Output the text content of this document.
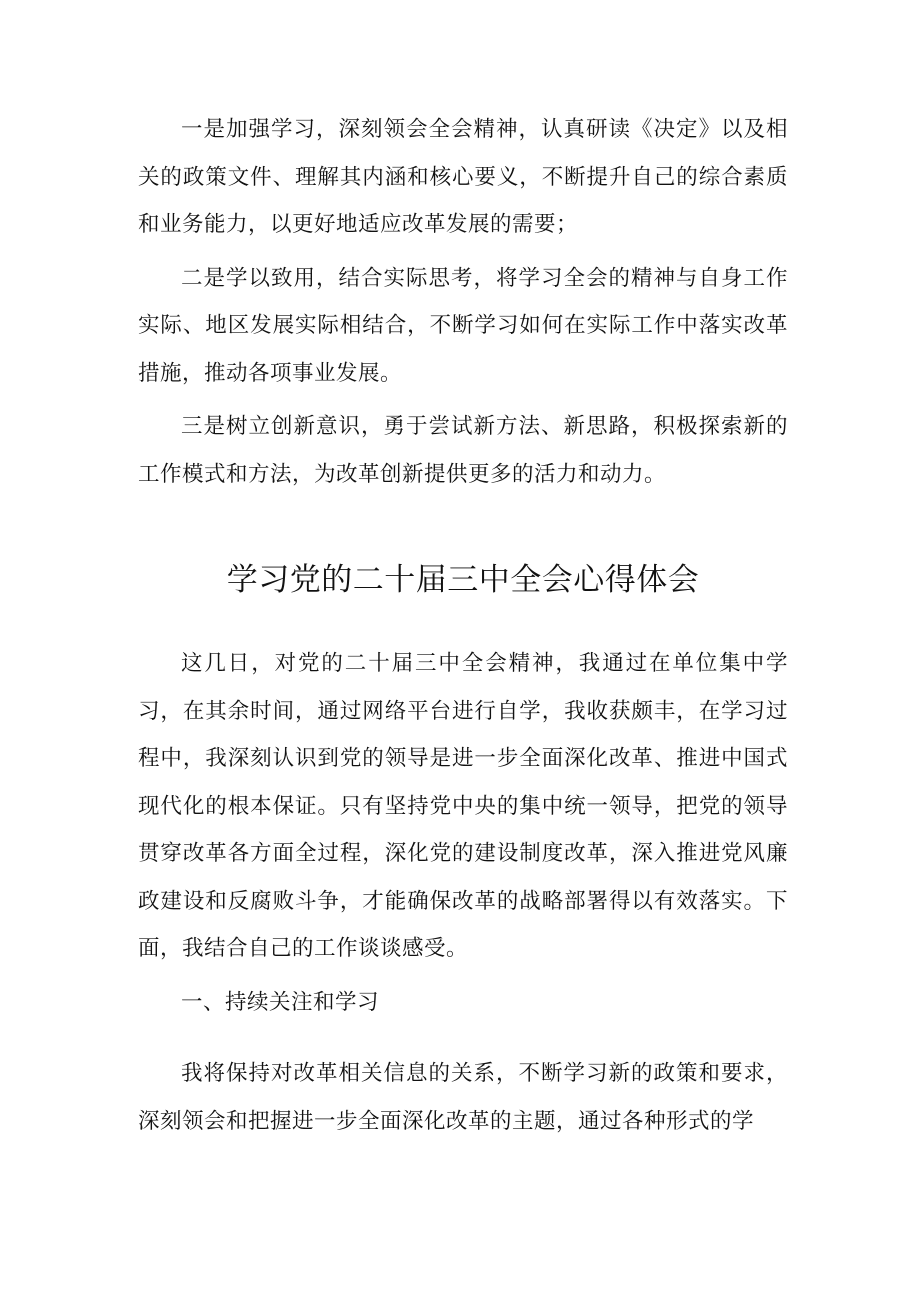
一是加强学习，深刻领会全会精神，认真研读《决定》以及相关的政策文件、理解其内涵和核心要义，不断提升自己的综合素质和业务能力，以更好地适应改革发展的需要；

二是学以致用，结合实际思考，将学习全会的精神与自身工作实际、地区发展实际相结合，不断学习如何在实际工作中落实改革措施，推动各项事业发展。

三是树立创新意识，勇于尝试新方法、新思路，积极探索新的工作模式和方法，为改革创新提供更多的活力和动力。

学习党的二十届三中全会心得体会

这几日，对党的二十届三中全会精神，我通过在单位集中学习，在其余时间，通过网络平台进行自学，我收获颇丰，在学习过程中，我深刻认识到党的领导是进一步全面深化改革、推进中国式现代化的根本保证。只有坚持党中央的集中统一领导，把党的领导贯穿改革各方面全过程，深化党的建设制度改革，深入推进党风廉政建设和反腐败斗争，才能确保改革的战略部署得以有效落实。下面，我结合自己的工作谈谈感受。

一、持续关注和学习

我将保持对改革相关信息的关系，不断学习新的政策和要求，深刻领会和把握进一步全面深化改革的主题，通过各种形式的学
